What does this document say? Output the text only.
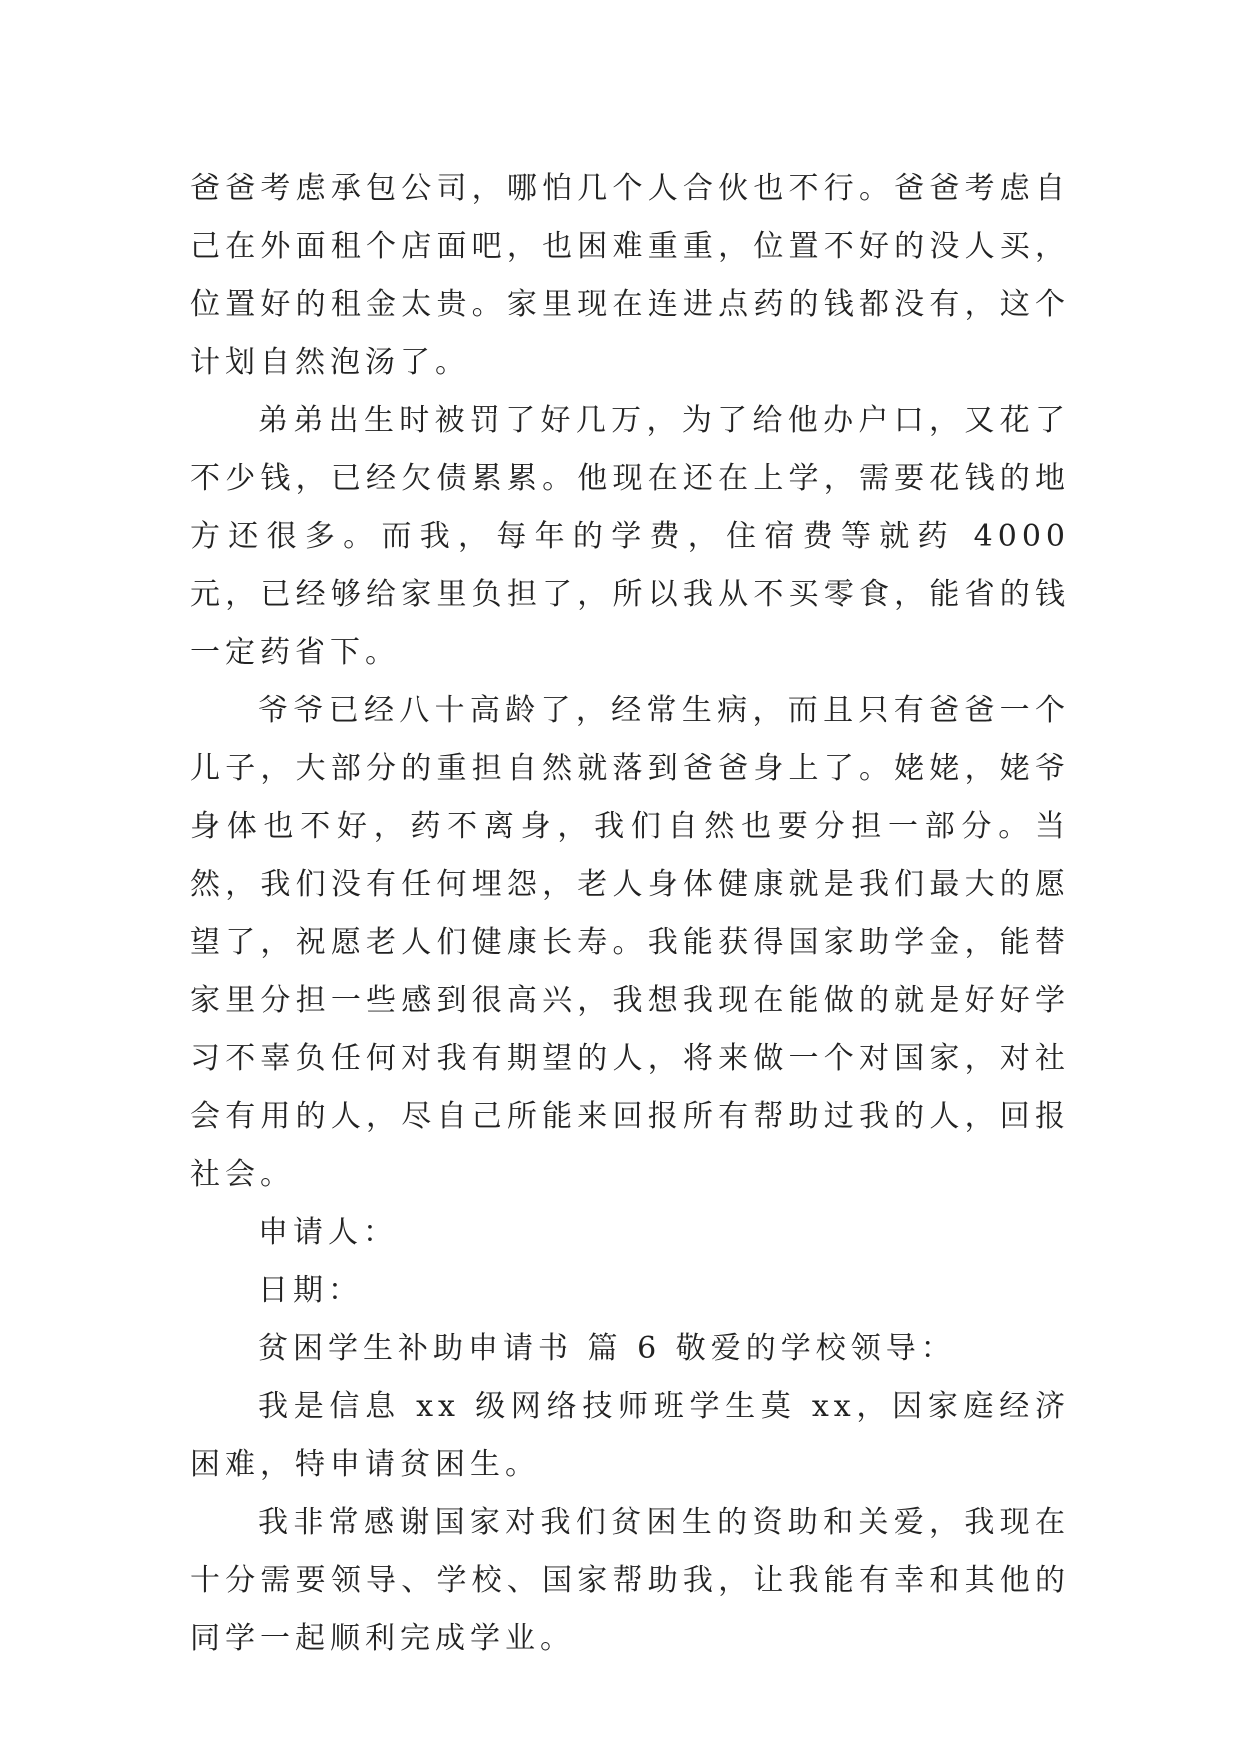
爸爸考虑承包公司，哪怕几个人合伙也不行。爸爸考虑自己在外面租个店面吧，也困难重重，位置不好的没人买，位置好的租金太贵。家里现在连进点药的钱都没有，这个计划自然泡汤了。

弟弟出生时被罚了好几万，为了给他办户口，又花了不少钱，已经欠债累累。他现在还在上学，需要花钱的地方还很多。而我，每年的学费，住宿费等就药 4000 元，已经够给家里负担了，所以我从不买零食，能省的钱一定药省下。

爷爷已经八十高龄了，经常生病，而且只有爸爸一个儿子，大部分的重担自然就落到爸爸身上了。姥姥，姥爷身体也不好，药不离身，我们自然也要分担一部分。当然，我们没有任何埋怨，老人身体健康就是我们最大的愿望了，祝愿老人们健康长寿。我能获得国家助学金，能替家里分担一些感到很高兴，我想我现在能做的就是好好学习不辜负任何对我有期望的人，将来做一个对国家，对社会有用的人，尽自己所能来回报所有帮助过我的人，回报社会。

申请人：

日期：

贫困学生补助申请书 篇 6 敬爱的学校领导：

我是信息 xx 级网络技师班学生莫 xx，因家庭经济困难，特申请贫困生。

我非常感谢国家对我们贫困生的资助和关爱，我现在十分需要领导、学校、国家帮助我，让我能有幸和其他的同学一起顺利完成学业。
